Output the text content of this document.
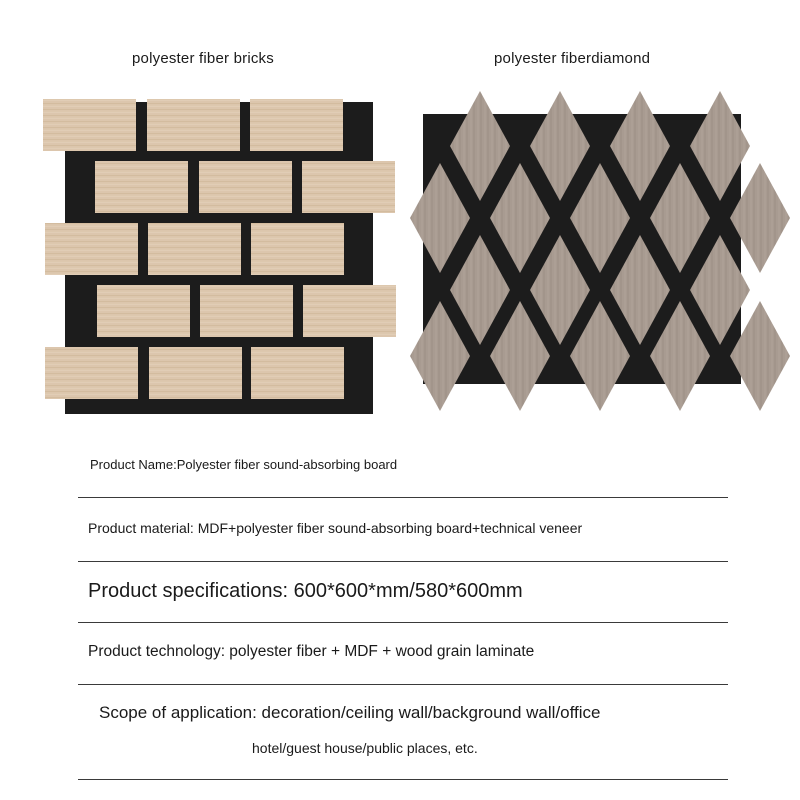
polyester fiber bricks	polyester fiberdiamond
Product Name:Polyester fiber sound-absorbing board
Product material: MDF+polyester fiber sound-absorbing board+technical veneer
Product specifications: 600*600*mm/580*600mm
Product technology: polyester fiber + MDF + wood grain laminate
Scope of application: decoration/ceiling wall/background wall/office
hotel/guest house/public places, etc.
